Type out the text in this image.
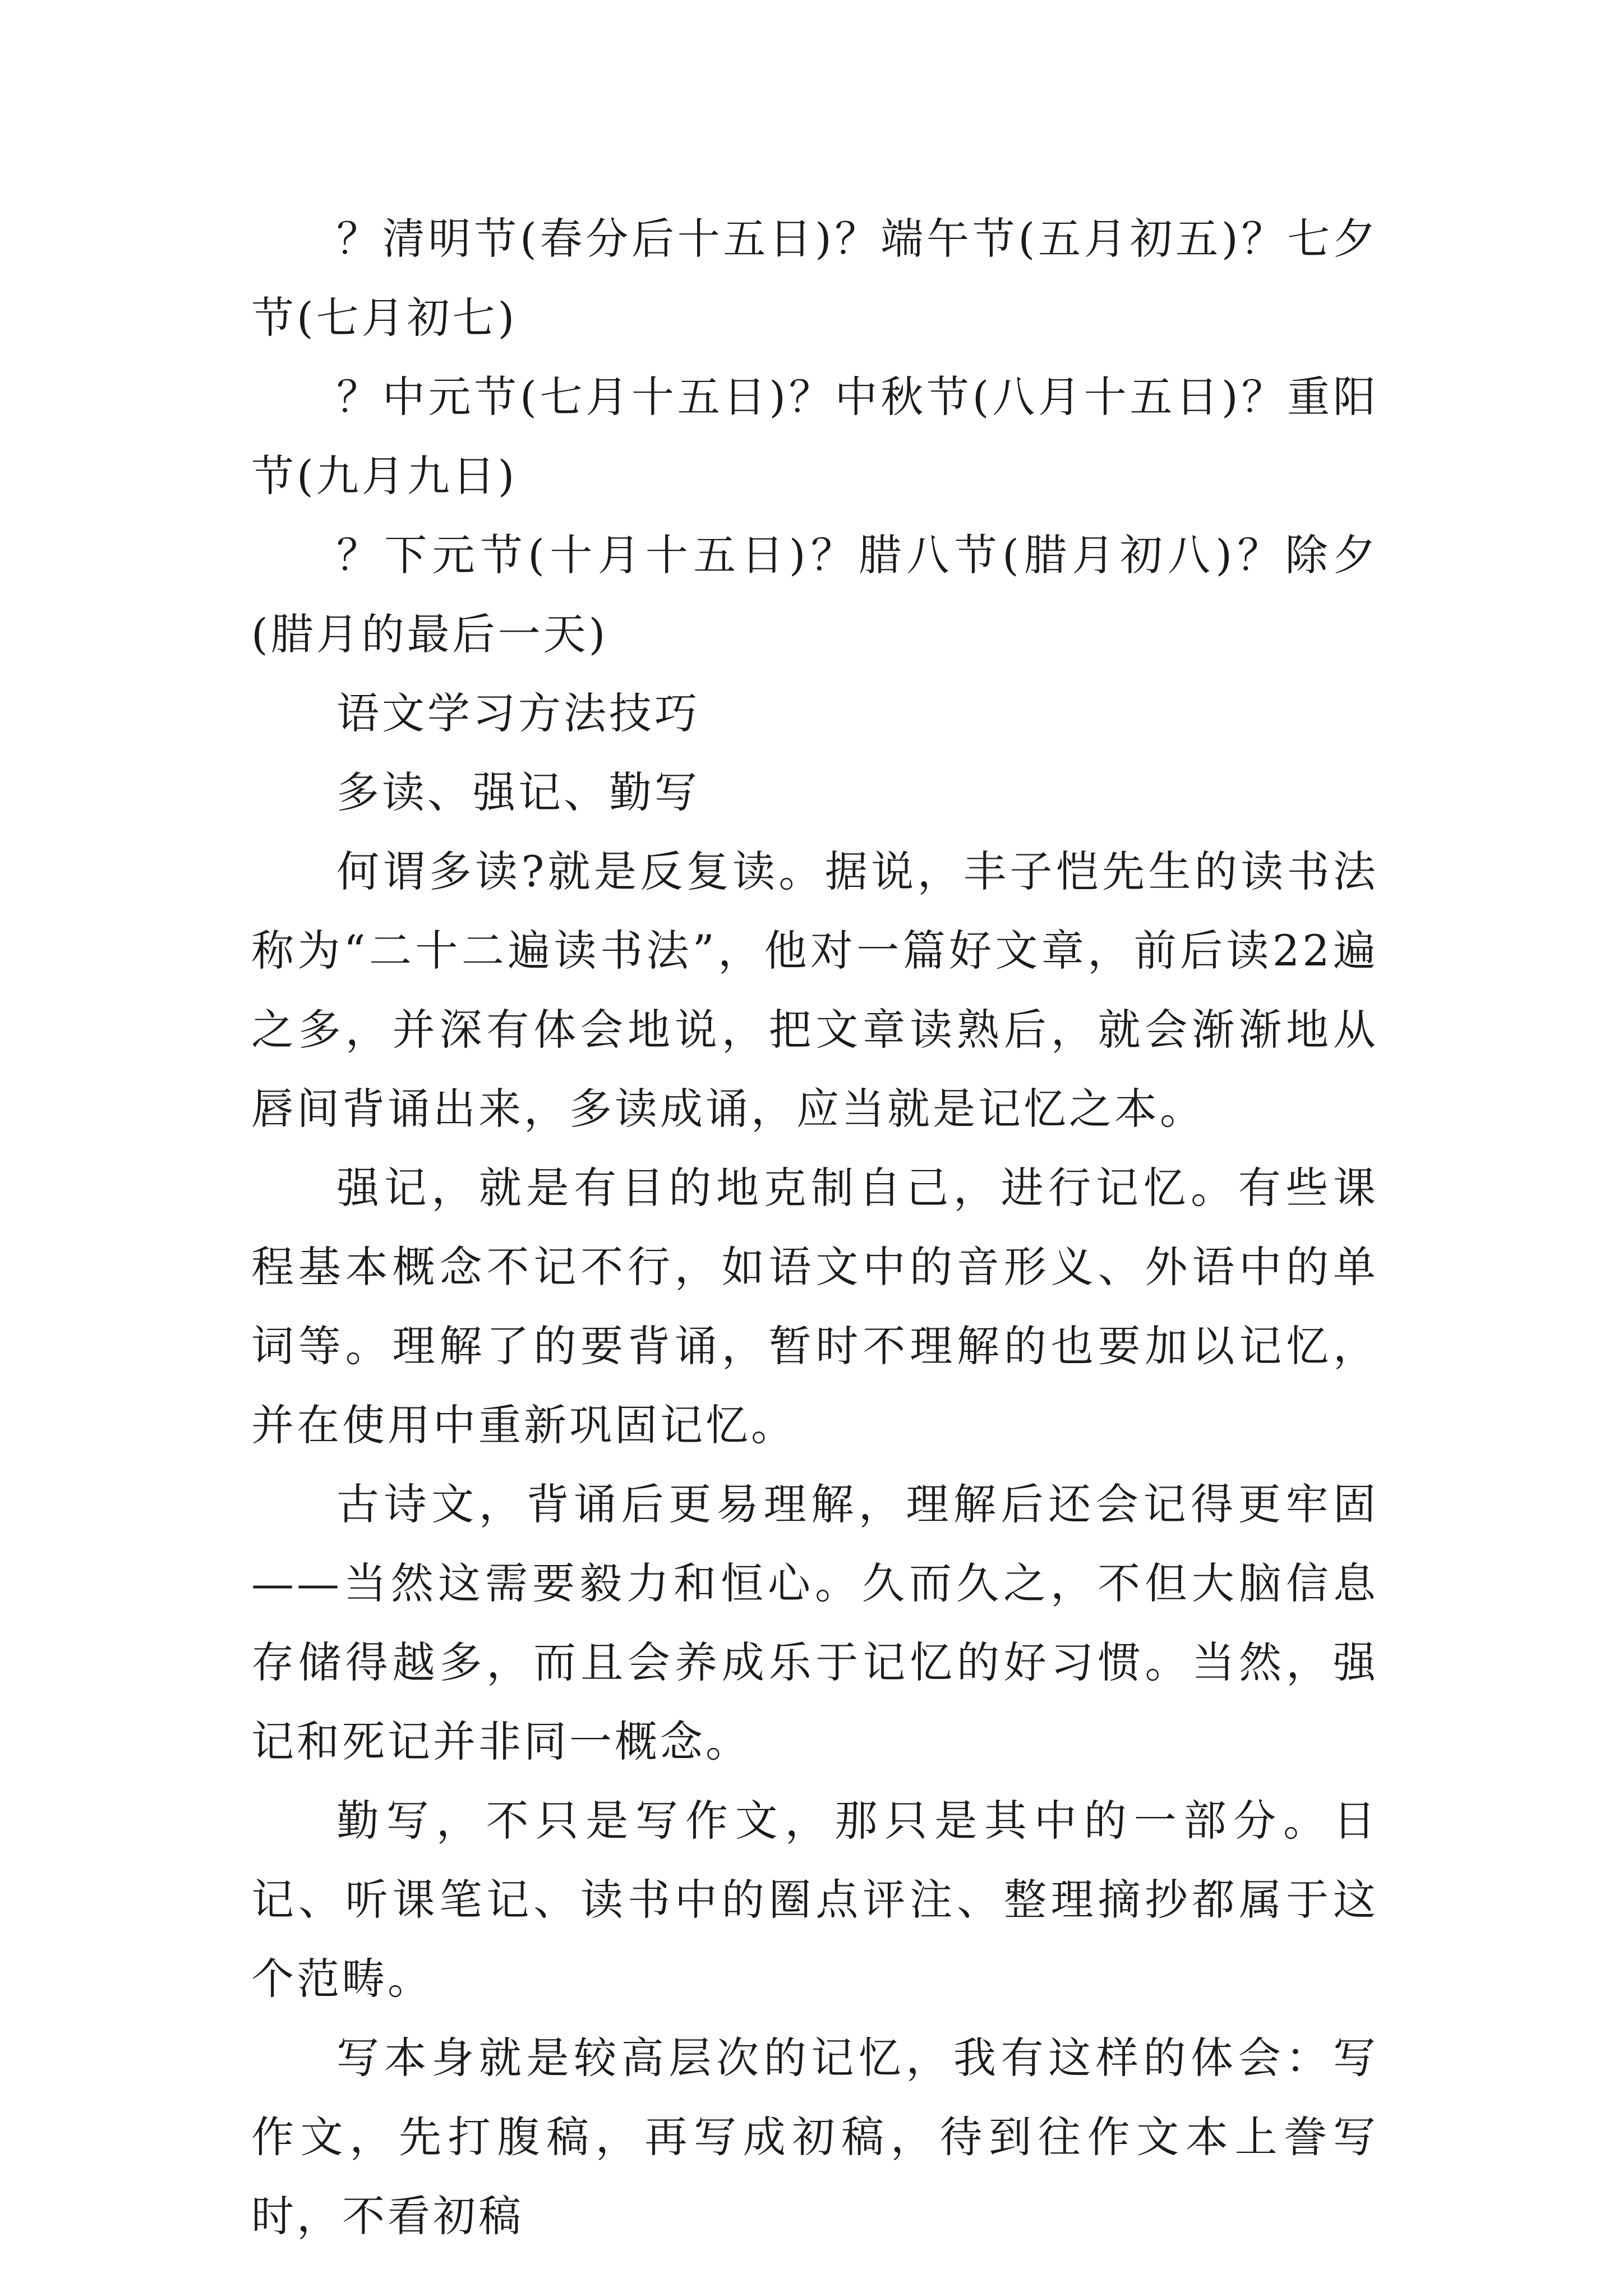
？清明节(春分后十五日)？端午节(五月初五)？七夕节(七月初七)

？中元节(七月十五日)？中秋节(八月十五日)？重阳节(九月九日)

？下元节(十月十五日)？腊八节(腊月初八)？除夕(腊月的最后一天)

语文学习方法技巧

多读、强记、勤写

何谓多读?就是反复读。据说，丰子恺先生的读书法称为“二十二遍读书法”，他对一篇好文章，前后读22遍之多，并深有体会地说，把文章读熟后，就会渐渐地从唇间背诵出来，多读成诵，应当就是记忆之本。

强记，就是有目的地克制自己，进行记忆。有些课程基本概念不记不行，如语文中的音形义、外语中的单词等。理解了的要背诵，暂时不理解的也要加以记忆，并在使用中重新巩固记忆。

古诗文，背诵后更易理解，理解后还会记得更牢固——当然这需要毅力和恒心。久而久之，不但大脑信息存储得越多，而且会养成乐于记忆的好习惯。当然，强记和死记并非同一概念。

勤写，不只是写作文，那只是其中的一部分。日记、听课笔记、读书中的圈点评注、整理摘抄都属于这个范畴。

写本身就是较高层次的记忆，我有这样的体会：写作文，先打腹稿，再写成初稿，待到往作文本上誊写时，不看初稿
